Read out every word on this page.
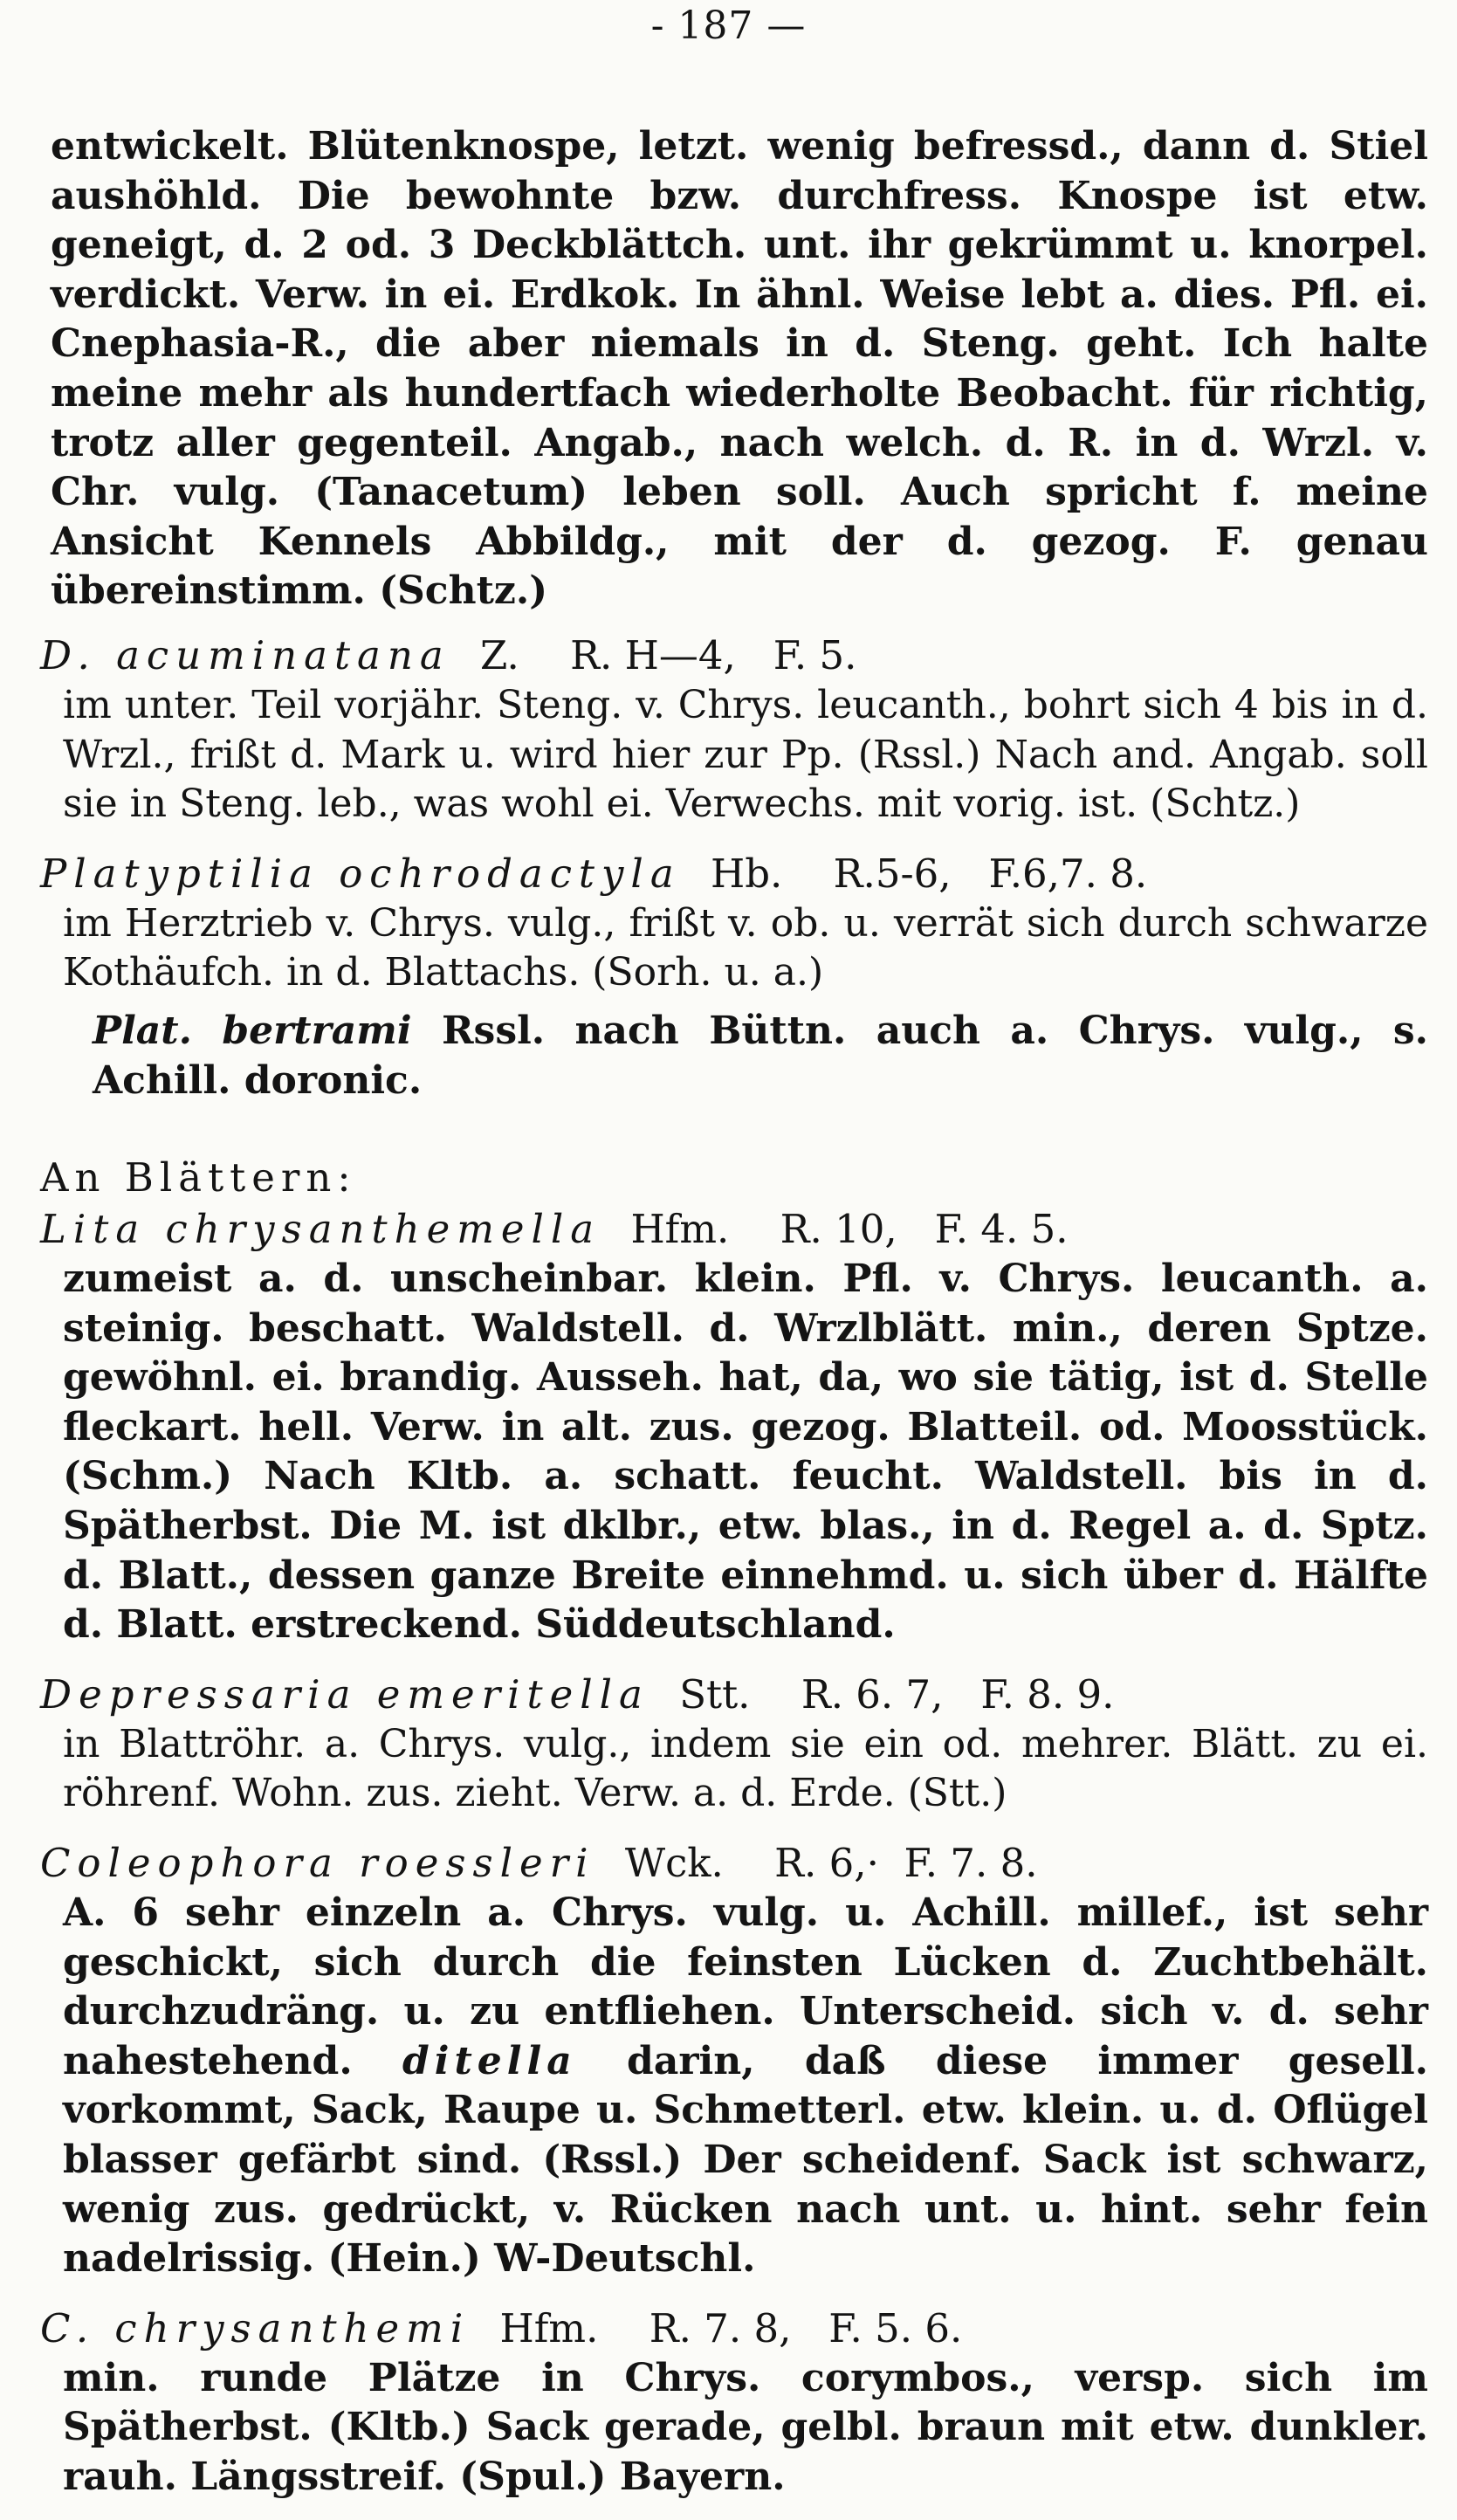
- 187 —

entwickelt. Blütenknospe, letzt. wenig befressd., dann d. Stiel aushöhld. Die bewohnte bzw. durchfress. Knospe ist etw. geneigt, d. 2 od. 3 Deckblättch. unt. ihr gekrümmt u. knorpel. verdickt. Verw. in ei. Erdkok. In ähnl. Weise lebt a. dies. Pfl. ei. Cnephasia-R., die aber niemals in d. Steng. geht. Ich halte meine mehr als hundertfach wiederholte Beobacht. für richtig, trotz aller gegenteil. Angab., nach welch. d. R. in d. Wrzl. v. Chr. vulg. (Tanacetum) leben soll. Auch spricht f. meine Ansicht Kennels Abbildg., mit der d. gezog. F. genau übereinstimm. (Schtz.)

D. acuminatana Z. R. H—4,   F. 5.
im unter. Teil vorjähr. Steng. v. Chrys. leucanth., bohrt sich 4 bis in d. Wrzl., frißt d. Mark u. wird hier zur Pp. (Rssl.) Nach and. Angab. soll sie in Steng. leb., was wohl ei. Verwechs. mit vorig. ist. (Schtz.)
Platyptilia ochrodactyla Hb. R.5-6,   F.6,7. 8.
im Herztrieb v. Chrys. vulg., frißt v. ob. u. verrät sich durch schwarze Kothäufch. in d. Blattachs. (Sorh. u. a.)
Plat. bertrami Rssl. nach Büttn. auch a. Chrys. vulg., s. Achill. doronic.
An Blättern:
Lita chrysanthemella Hfm. R. 10,   F. 4. 5.
zumeist a. d. unscheinbar. klein. Pfl. v. Chrys. leucanth. a. steinig. beschatt. Waldstell. d. Wrzlblätt. min., deren Sptze. gewöhnl. ei. brandig. Ausseh. hat, da, wo sie tätig, ist d. Stelle fleckart. hell. Verw. in alt. zus. gezog. Blatteil. od. Moosstück. (Schm.) Nach Kltb. a. schatt. feucht. Waldstell. bis in d. Spätherbst. Die M. ist dklbr., etw. blas., in d. Regel a. d. Sptz. d. Blatt., dessen ganze Breite einnehmd. u. sich über d. Hälfte d. Blatt. erstreckend. Süddeutschland.
Depressaria emeritella Stt. R. 6. 7,   F. 8. 9.
in Blattröhr. a. Chrys. vulg., indem sie ein od. mehrer. Blätt. zu ei. röhrenf. Wohn. zus. zieht. Verw. a. d. Erde. (Stt.)
Coleophora roessleri Wck. R. 6,·  F. 7. 8.
A. 6 sehr einzeln a. Chrys. vulg. u. Achill. millef., ist sehr geschickt, sich durch die feinsten Lücken d. Zuchtbehält. durchzudräng. u. zu entfliehen. Unterscheid. sich v. d. sehr nahestehend. ditella darin, daß diese immer gesell. vorkommt, Sack, Raupe u. Schmetterl. etw. klein. u. d. Oflügel blasser gefärbt sind. (Rssl.) Der scheidenf. Sack ist schwarz, wenig zus. gedrückt, v. Rücken nach unt. u. hint. sehr fein nadelrissig. (Hein.) W-Deutschl.
C. chrysanthemi Hfm. R. 7. 8,   F. 5. 6.
min. runde Plätze in Chrys. corymbos., versp. sich im Spätherbst. (Kltb.) Sack gerade, gelbl. braun mit etw. dunkler. rauh. Längsstreif. (Spul.) Bayern.
